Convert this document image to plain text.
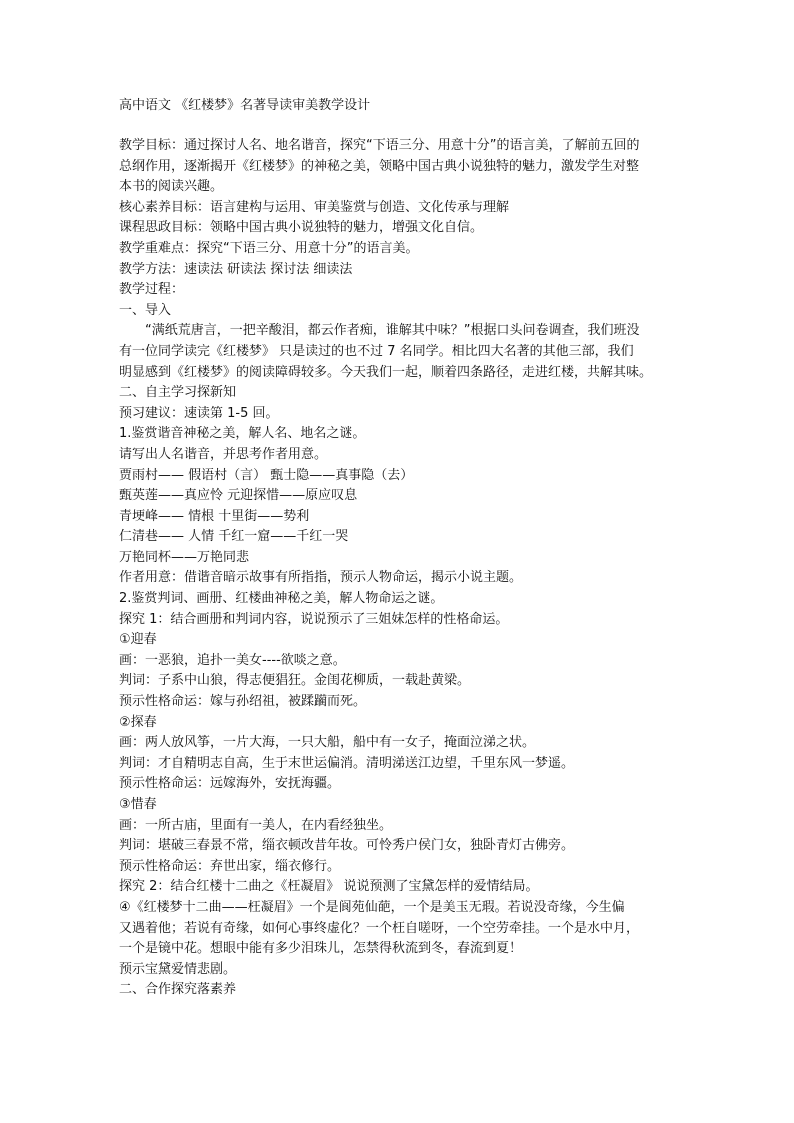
高中语文 《红楼梦》名著导读审美教学设计
教学目标：通过探讨人名、地名谐音，探究“下语三分、用意十分”的语言美，了解前五回的
总纲作用，逐渐揭开《红楼梦》的神秘之美，领略中国古典小说独特的魅力，激发学生对整
本书的阅读兴趣。
核心素养目标：语言建构与运用、审美鉴赏与创造、文化传承与理解
课程思政目标：领略中国古典小说独特的魅力，增强文化自信。
教学重难点：探究“下语三分、用意十分”的语言美。
教学方法：速读法 研读法 探讨法 细读法
教学过程：
一、导入
“满纸荒唐言，一把辛酸泪，都云作者痴，谁解其中味？”根据口头问卷调查，我们班没
有一位同学读完《红楼梦》 只是读过的也不过 7 名同学。相比四大名著的其他三部，我们
明显感到《红楼梦》的阅读障碍较多。今天我们一起，顺着四条路径，走进红楼，共解其味。
二、自主学习探新知
预习建议：速读第 1-5 回。
1.鉴赏谐音神秘之美，解人名、地名之谜。
请写出人名谐音，并思考作者用意。
贾雨村—— 假语村（言） 甄士隐——真事隐（去）
甄英莲——真应怜 元迎探惜——原应叹息
青埂峰—— 情根 十里街——势利
仁清巷—— 人情 千红一窟——千红一哭
万艳同杯——万艳同悲
作者用意：借谐音暗示故事有所指指，预示人物命运，揭示小说主题。
2.鉴赏判词、画册、红楼曲神秘之美，解人物命运之谜。
探究 1：结合画册和判词内容，说说预示了三姐妹怎样的性格命运。
①迎春
画：一恶狼，追扑一美女----欲啖之意。
判词：子系中山狼，得志便猖狂。金闺花柳质，一载赴黄梁。
预示性格命运：嫁与孙绍祖，被蹂躏而死。
②探春
画：两人放风筝，一片大海，一只大船，船中有一女子，掩面泣涕之状。
判词：才自精明志自高，生于末世运偏消。清明涕送江边望，千里东风一梦遥。
预示性格命运：远嫁海外，安抚海疆。
③惜春
画：一所古庙，里面有一美人，在内看经独坐。
判词：堪破三春景不常，缁衣顿改昔年妆。可怜秀户侯门女，独卧青灯古佛旁。
预示性格命运：弃世出家，缁衣修行。
探究 2：结合红楼十二曲之《枉凝眉》 说说预测了宝黛怎样的爱情结局。
④《红楼梦十二曲——枉凝眉》一个是阆苑仙葩，一个是美玉无瑕。若说没奇缘，今生偏
又遇着他；若说有奇缘，如何心事终虚化？一个枉自嗟呀，一个空劳牵挂。一个是水中月，
一个是镜中花。想眼中能有多少泪珠儿，怎禁得秋流到冬，春流到夏！
预示宝黛爱情悲剧。
二、合作探究落素养
